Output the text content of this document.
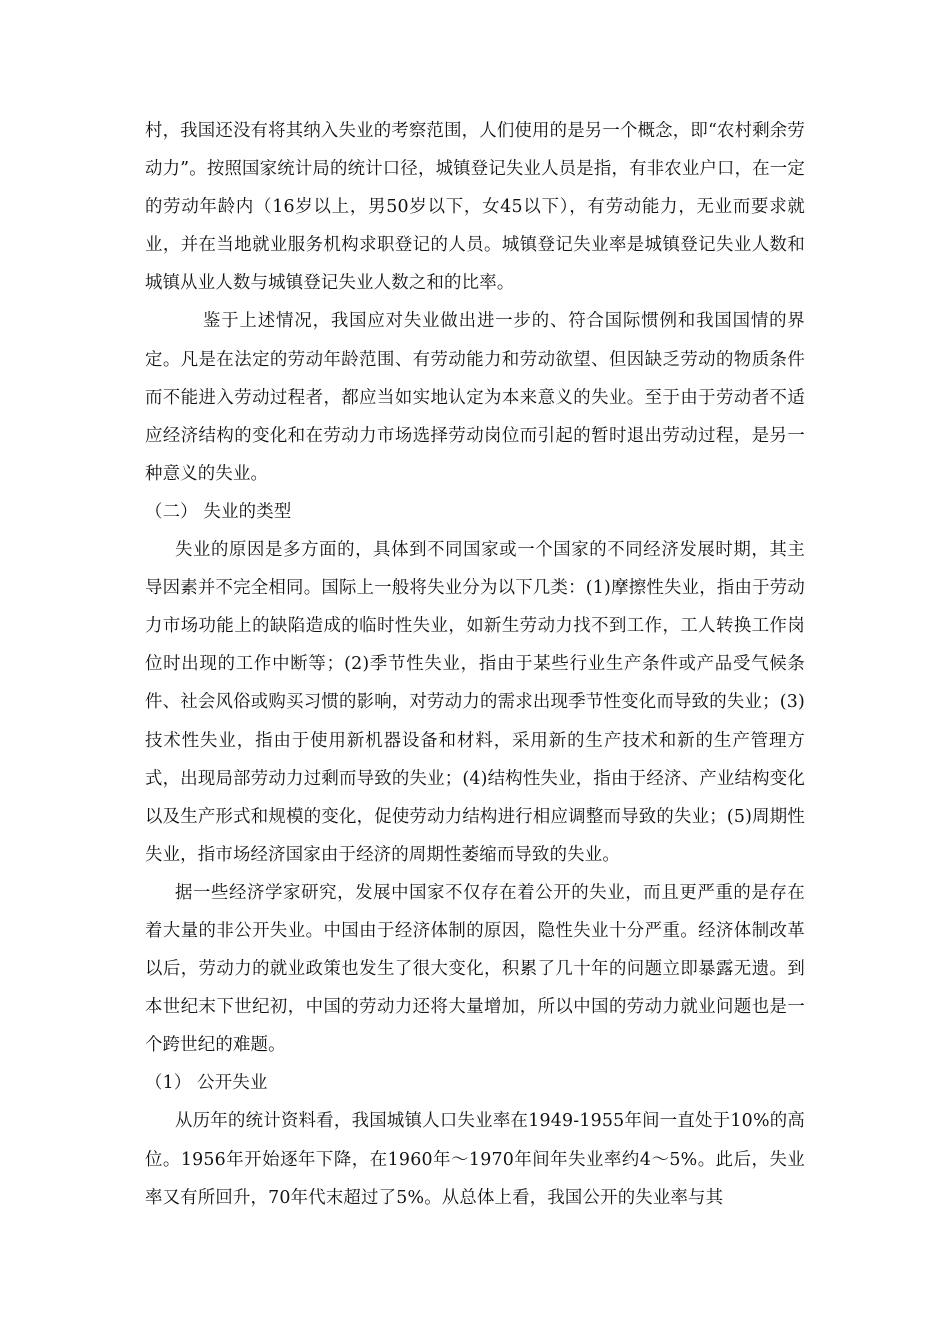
村，我国还没有将其纳入失业的考察范围，人们使用的是另一个概念，即“农村剩余劳动力”。按照国家统计局的统计口径，城镇登记失业人员是指，有非农业户口，在一定的劳动年龄内（16岁以上，男50岁以下，女45以下），有劳动能力，无业而要求就业，并在当地就业服务机构求职登记的人员。城镇登记失业率是城镇登记失业人数和城镇从业人数与城镇登记失业人数之和的比率。

鉴于上述情况，我国应对失业做出进一步的、符合国际惯例和我国国情的界定。凡是在法定的劳动年龄范围、有劳动能力和劳动欲望、但因缺乏劳动的物质条件而不能进入劳动过程者，都应当如实地认定为本来意义的失业。至于由于劳动者不适应经济结构的变化和在劳动力市场选择劳动岗位而引起的暂时退出劳动过程，是另一种意义的失业。

（二） 失业的类型

失业的原因是多方面的，具体到不同国家或一个国家的不同经济发展时期，其主导因素并不完全相同。国际上一般将失业分为以下几类：(1)摩擦性失业，指由于劳动力市场功能上的缺陷造成的临时性失业，如新生劳动力找不到工作，工人转换工作岗位时出现的工作中断等；(2)季节性失业，指由于某些行业生产条件或产品受气候条件、社会风俗或购买习惯的影响，对劳动力的需求出现季节性变化而导致的失业；(3)技术性失业，指由于使用新机器设备和材料，采用新的生产技术和新的生产管理方式，出现局部劳动力过剩而导致的失业；(4)结构性失业，指由于经济、产业结构变化以及生产形式和规模的变化，促使劳动力结构进行相应调整而导致的失业；(5)周期性失业，指市场经济国家由于经济的周期性萎缩而导致的失业。

据一些经济学家研究，发展中国家不仅存在着公开的失业，而且更严重的是存在着大量的非公开失业。中国由于经济体制的原因，隐性失业十分严重。经济体制改革以后，劳动力的就业政策也发生了很大变化，积累了几十年的问题立即暴露无遗。到本世纪末下世纪初，中国的劳动力还将大量增加，所以中国的劳动力就业问题也是一个跨世纪的难题。

（1） 公开失业

从历年的统计资料看，我国城镇人口失业率在1949-1955年间一直处于10%的高位。1956年开始逐年下降，在1960年～1970年间年失业率约4～5%。此后，失业率又有所回升，70年代末超过了5%。从总体上看，我国公开的失业率与其
